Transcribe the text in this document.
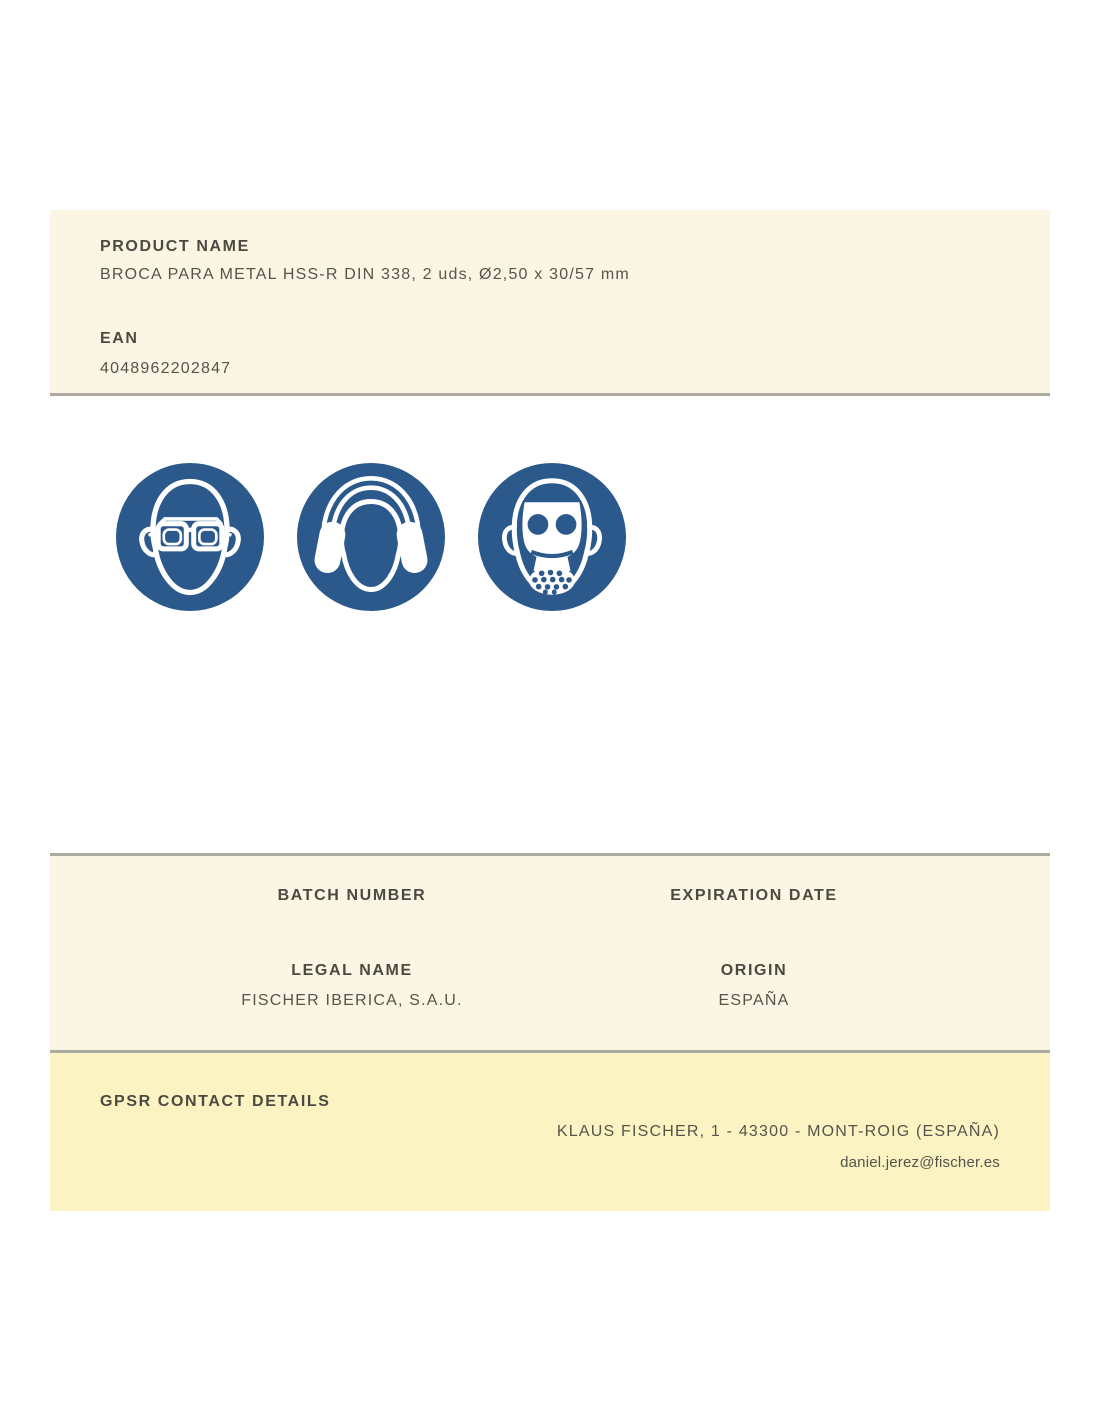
PRODUCT NAME
BROCA PARA METAL HSS-R DIN 338, 2 uds, Ø2,50 x 30/57 mm
EAN
4048962202847
BATCH NUMBER	EXPIRATION DATE
LEGAL NAME	ORIGIN
FISCHER IBERICA, S.A.U.	ESPAÑA
GPSR CONTACT DETAILS
KLAUS FISCHER, 1 - 43300 - MONT-ROIG (ESPAÑA)
daniel.jerez@fischer.es
